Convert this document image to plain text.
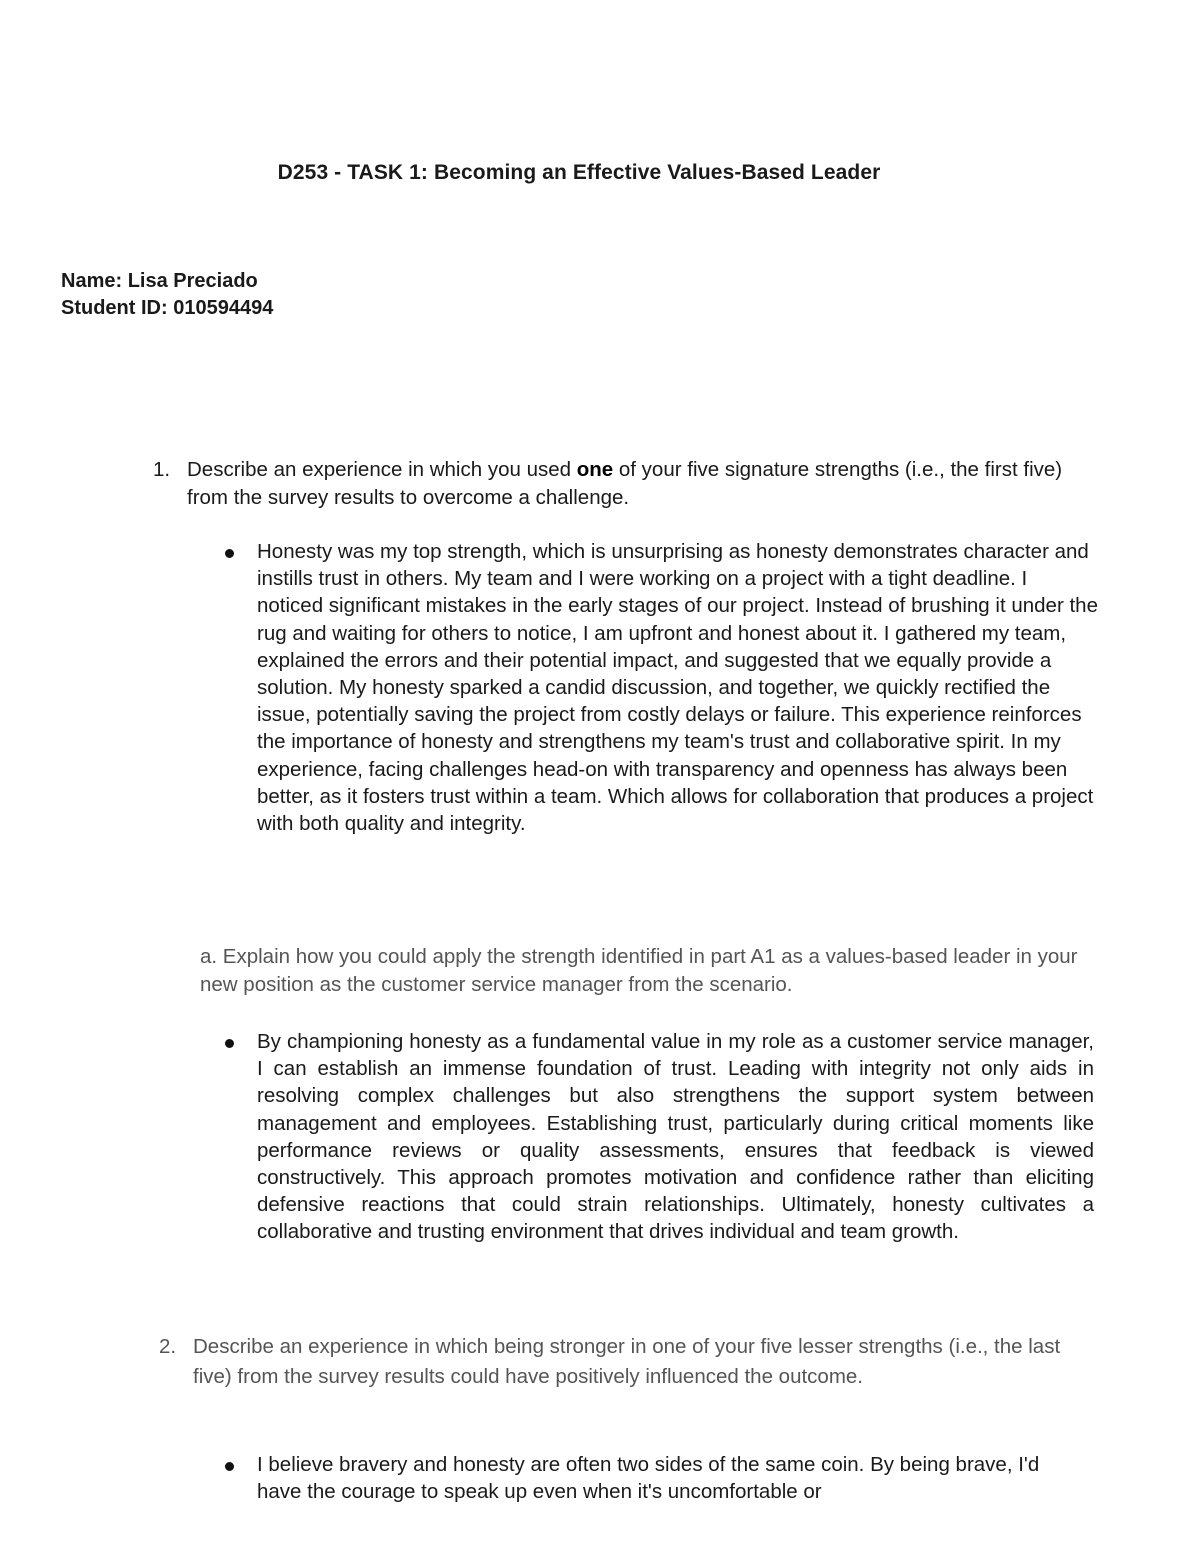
D253 - TASK 1: Becoming an Effective Values-Based Leader

Name: Lisa Preciado

Student ID: 010594494

1. Describe an experience in which you used one of your five signature strengths (i.e., the first five) from the survey results to overcome a challenge.
Honesty was my top strength, which is unsurprising as honesty demonstrates character and instills trust in others. My team and I were working on a project with a tight deadline. I noticed significant mistakes in the early stages of our project. Instead of brushing it under the rug and waiting for others to notice, I am upfront and honest about it. I gathered my team, explained the errors and their potential impact, and suggested that we equally provide a solution. My honesty sparked a candid discussion, and together, we quickly rectified the issue, potentially saving the project from costly delays or failure. This experience reinforces the importance of honesty and strengthens my team's trust and collaborative spirit. In my experience, facing challenges head-on with transparency and openness has always been better, as it fosters trust within a team. Which allows for collaboration that produces a project with both quality and integrity.
a. Explain how you could apply the strength identified in part A1 as a values-based leader in your new position as the customer service manager from the scenario.
By championing honesty as a fundamental value in my role as a customer service manager, I can establish an immense foundation of trust. Leading with integrity not only aids in resolving complex challenges but also strengthens the support system between management and employees. Establishing trust, particularly during critical moments like performance reviews or quality assessments, ensures that feedback is viewed constructively. This approach promotes motivation and confidence rather than eliciting defensive reactions that could strain relationships. Ultimately, honesty cultivates a collaborative and trusting environment that drives individual and team growth.
2. Describe an experience in which being stronger in one of your five lesser strengths (i.e., the last five) from the survey results could have positively influenced the outcome.
I believe bravery and honesty are often two sides of the same coin. By being brave, I'd have the courage to speak up even when it's uncomfortable or
